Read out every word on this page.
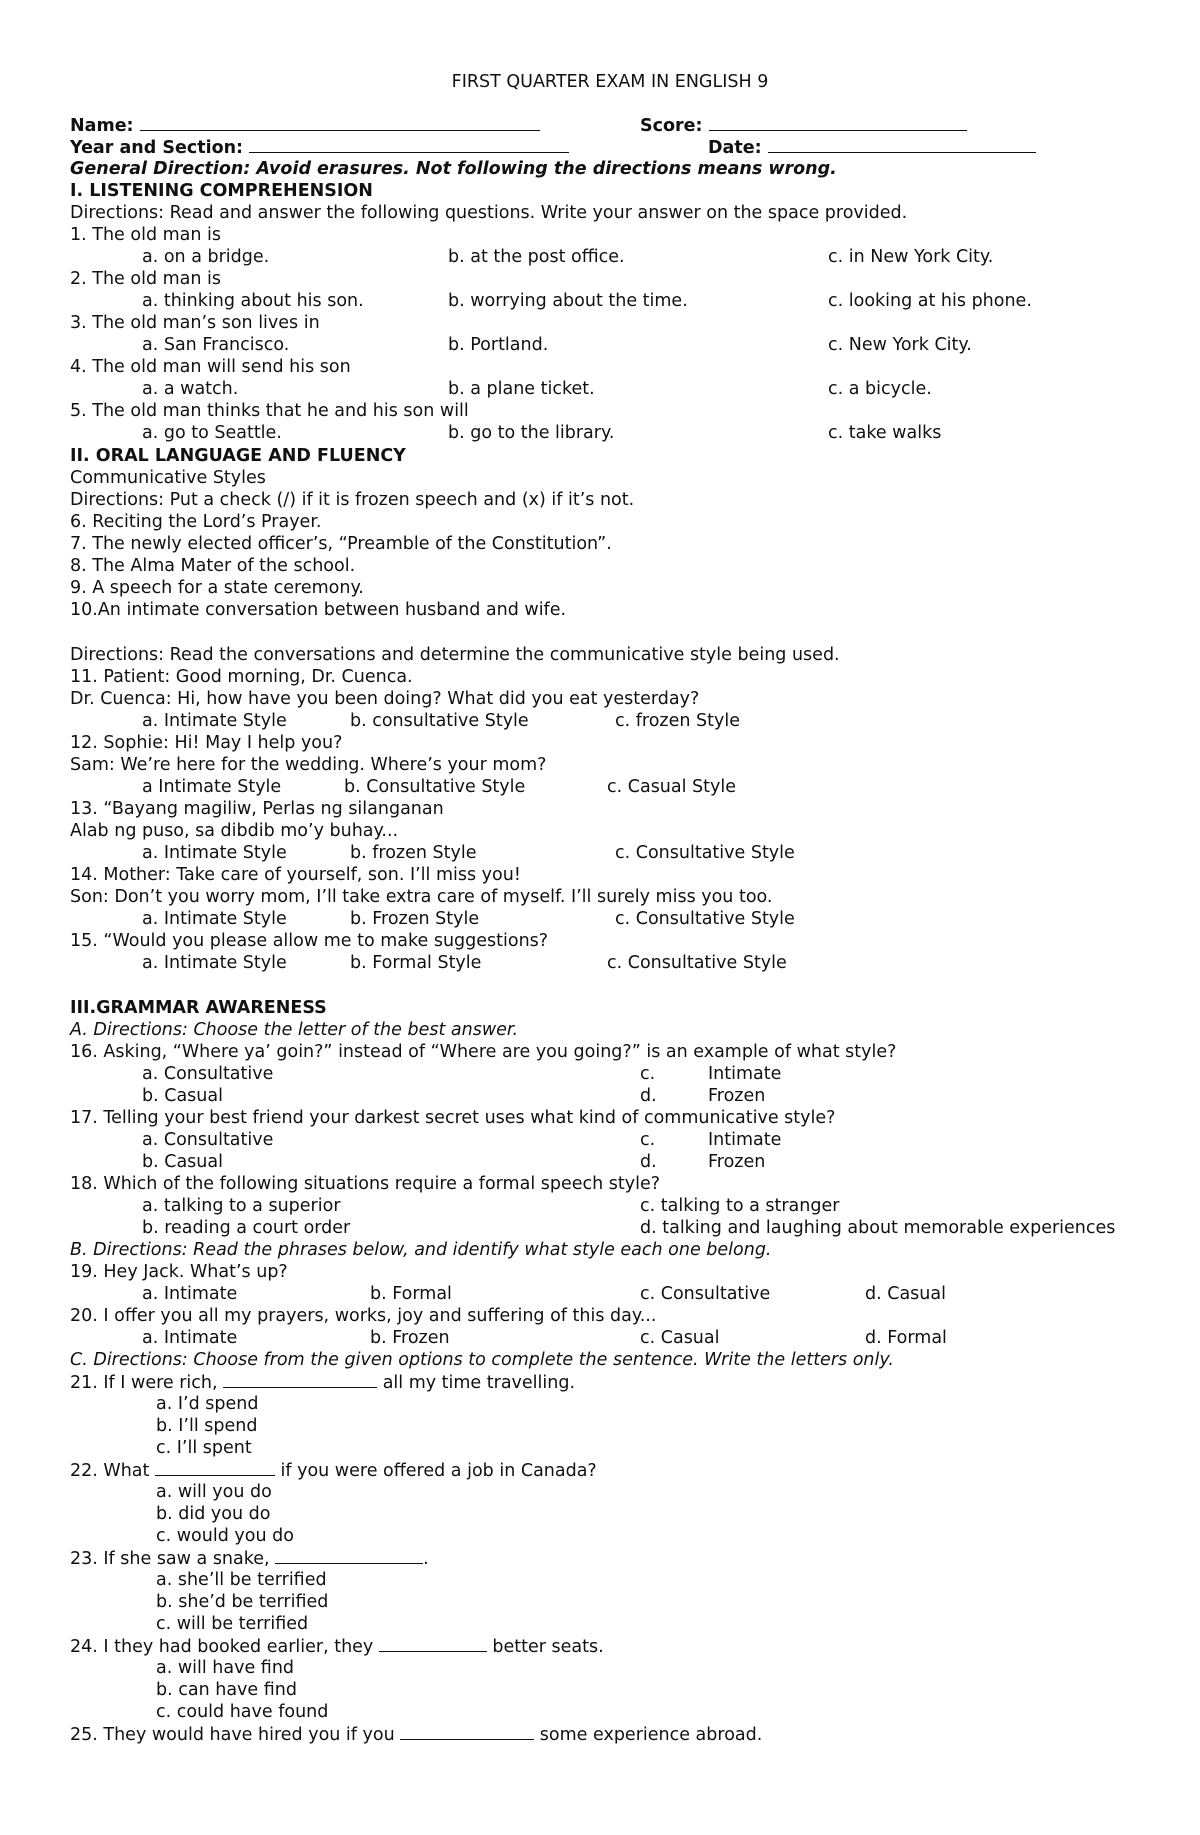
FIRST QUARTER EXAM IN ENGLISH 9
Name:	Score:
Year and Section:	Date:
General Direction: Avoid erasures. Not following the directions means wrong.
I. LISTENING COMPREHENSION
Directions: Read and answer the following questions. Write your answer on the space provided.
1. The old man is
a. on a bridge.	b. at the post office.	c. in New York City.
2. The old man is
a. thinking about his son.	b. worrying about the time.	c. looking at his phone.
3. The old man’s son lives in
a. San Francisco.	b. Portland.	c. New York City.
4. The old man will send his son
a. a watch.	b. a plane ticket.	c. a bicycle.
5. The old man thinks that he and his son will
a. go to Seattle.	b. go to the library.	c. take walks
II. ORAL LANGUAGE AND FLUENCY
Communicative Styles
Directions: Put a check (/) if it is frozen speech and (x) if it’s not.
6. Reciting the Lord’s Prayer.
7. The newly elected officer’s, “Preamble of the Constitution”.
8. The Alma Mater of the school.
9. A speech for a state ceremony.
10.An intimate conversation between husband and wife.
Directions: Read the conversations and determine the communicative style being used.
11. Patient: Good morning, Dr. Cuenca.
Dr. Cuenca: Hi, how have you been doing? What did you eat yesterday?
a. Intimate Style	b. consultative Style	c. frozen Style
12. Sophie: Hi! May I help you?
Sam: We’re here for the wedding. Where’s your mom?
a Intimate Style	b. Consultative Style	c. Casual Style
13. “Bayang magiliw, Perlas ng silanganan
Alab ng puso, sa dibdib mo’y buhay...
a. Intimate Style	b. frozen Style	c. Consultative Style
14. Mother: Take care of yourself, son. I’ll miss you!
Son: Don’t you worry mom, I’ll take extra care of myself. I’ll surely miss you too.
a. Intimate Style	b. Frozen Style	c. Consultative Style
15. “Would you please allow me to make suggestions?
a. Intimate Style	b. Formal Style	c. Consultative Style
III.GRAMMAR AWARENESS
A. Directions: Choose the letter of the best answer.
16. Asking, “Where ya’ goin?” instead of “Where are you going?” is an example of what style?
a. Consultative	c.	Intimate
b. Casual	d.	Frozen
17. Telling your best friend your darkest secret uses what kind of communicative style?
a. Consultative	c.	Intimate
b. Casual	d.	Frozen
18. Which of the following situations require a formal speech style?
a. talking to a superior	c. talking to a stranger
b. reading a court order	d. talking and laughing about memorable experiences
B. Directions: Read the phrases below, and identify what style each one belong.
19. Hey Jack. What’s up?
a. Intimate	b. Formal	c. Consultative	d. Casual
20. I offer you all my prayers, works, joy and suffering of this day...
a. Intimate	b. Frozen	c. Casual	d. Formal
C. Directions: Choose from the given options to complete the sentence. Write the letters only.
21. If I were rich,	all my time travelling.
a. I’d spend
b. I’ll spend
c. I’ll spent
22. What	if you were offered a job in Canada?
a. will you do
b. did you do
c. would you do
23. If she saw a snake,	.
a. she’ll be terrified
b. she’d be terrified
c. will be terrified
24. I they had booked earlier, they	better seats.
a. will have find
b. can have find
c. could have found
25. They would have hired you if you	some experience abroad.
